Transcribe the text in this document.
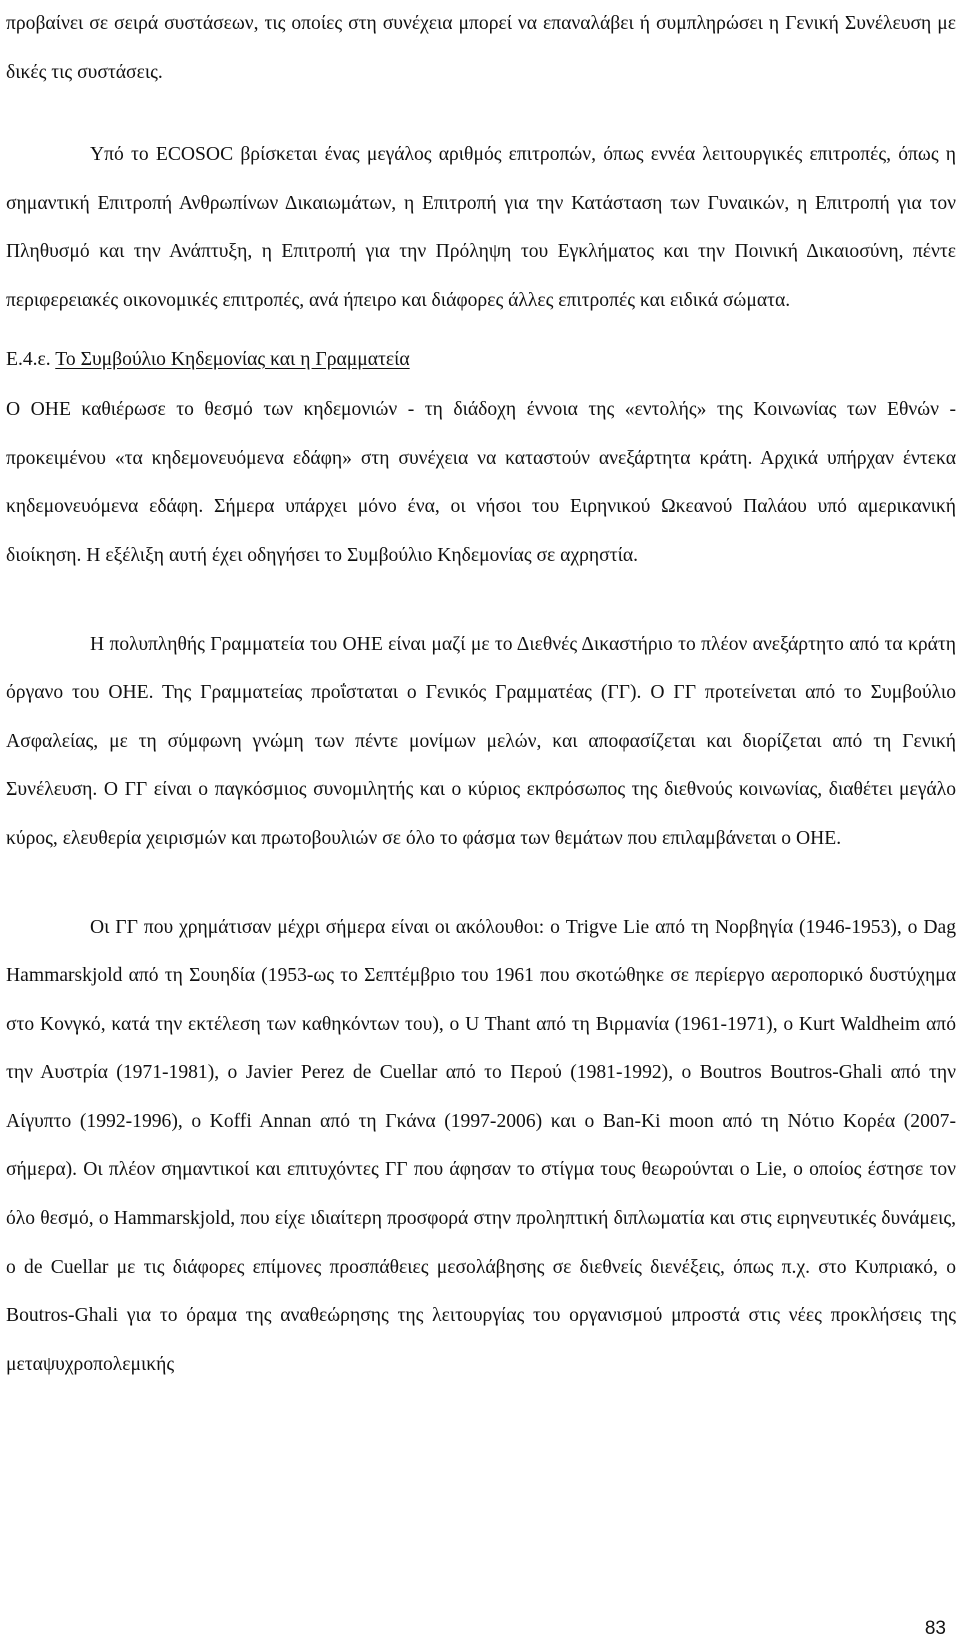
προβαίνει σε σειρά συστάσεων, τις οποίες στη συνέχεια μπορεί να επαναλάβει ή συμπληρώσει η Γενική Συνέλευση με δικές τις συστάσεις.

Υπό το ECOSOC βρίσκεται ένας μεγάλος αριθμός επιτροπών, όπως εννέα λειτουργικές επιτροπές, όπως η σημαντική Επιτροπή Ανθρωπίνων Δικαιωμάτων, η Επιτροπή για την Κατάσταση των Γυναικών, η Επιτροπή για τον Πληθυσμό και την Ανάπτυξη, η Επιτροπή για την Πρόληψη του Εγκλήματος και την Ποινική Δικαιοσύνη, πέντε περιφερειακές οικονομικές επιτροπές, ανά ήπειρο και διάφορες άλλες επιτροπές και ειδικά σώματα.

Ε.4.ε. Το Συμβούλιο Κηδεμονίας και η Γραμματεία

Ο ΟΗΕ καθιέρωσε το θεσμό των κηδεμονιών - τη διάδοχη έννοια της «εντολής» της Κοινωνίας των Εθνών - προκειμένου «τα κηδεμονευόμενα εδάφη» στη συνέχεια να καταστούν ανεξάρτητα κράτη. Αρχικά υπήρχαν έντεκα κηδεμονευόμενα εδάφη. Σήμερα υπάρχει μόνο ένα, οι νήσοι του Ειρηνικού Ωκεανού Παλάου υπό αμερικανική διοίκηση. Η εξέλιξη αυτή έχει οδηγήσει το Συμβούλιο Κηδεμονίας σε αχρηστία.

Η πολυπληθής Γραμματεία του ΟΗΕ είναι μαζί με το Διεθνές Δικαστήριο το πλέον ανεξάρτητο από τα κράτη όργανο του ΟΗΕ. Της Γραμματείας προΐσταται ο Γενικός Γραμματέας (ΓΓ). Ο ΓΓ προτείνεται από το Συμβούλιο Ασφαλείας, με τη σύμφωνη γνώμη των πέντε μονίμων μελών, και αποφασίζεται και διορίζεται από τη Γενική Συνέλευση. Ο ΓΓ είναι ο παγκόσμιος συνομιλητής και ο κύριος εκπρόσωπος της διεθνούς κοινωνίας, διαθέτει μεγάλο κύρος, ελευθερία χειρισμών και πρωτοβουλιών σε όλο το φάσμα των θεμάτων που επιλαμβάνεται ο ΟΗΕ.

Οι ΓΓ που χρημάτισαν μέχρι σήμερα είναι οι ακόλουθοι: ο Trigve Lie από τη Νορβηγία (1946-1953), ο Dag Hammarskjold από τη Σουηδία (1953-ως το Σεπτέμβριο του 1961 που σκοτώθηκε σε περίεργο αεροπορικό δυστύχημα στο Κονγκό, κατά την εκτέλεση των καθηκόντων του), ο U Thant από τη Βιρμανία (1961-1971), ο Kurt Waldheim από την Αυστρία (1971-1981), ο Javier Perez de Cuellar από το Περού (1981-1992), ο Boutros Boutros-Ghali από την Αίγυπτο (1992-1996), ο Koffi Annan από τη Γκάνα (1997-2006) και ο Ban-Ki moon από τη Νότιο Κορέα (2007-σήμερα). Οι πλέον σημαντικοί και επιτυχόντες ΓΓ που άφησαν το στίγμα τους θεωρούνται ο Lie, ο οποίος έστησε τον όλο θεσμό, ο Hammarskjold, που είχε ιδιαίτερη προσφορά στην προληπτική διπλωματία και στις ειρηνευτικές δυνάμεις, ο de Cuellar με τις διάφορες επίμονες προσπάθειες μεσολάβησης σε διεθνείς διενέξεις, όπως π.χ. στο Κυπριακό, ο Boutros-Ghali για το όραμα της αναθεώρησης της λειτουργίας του οργανισμού μπροστά στις νέες προκλήσεις της μεταψυχροπολεμικής

83
